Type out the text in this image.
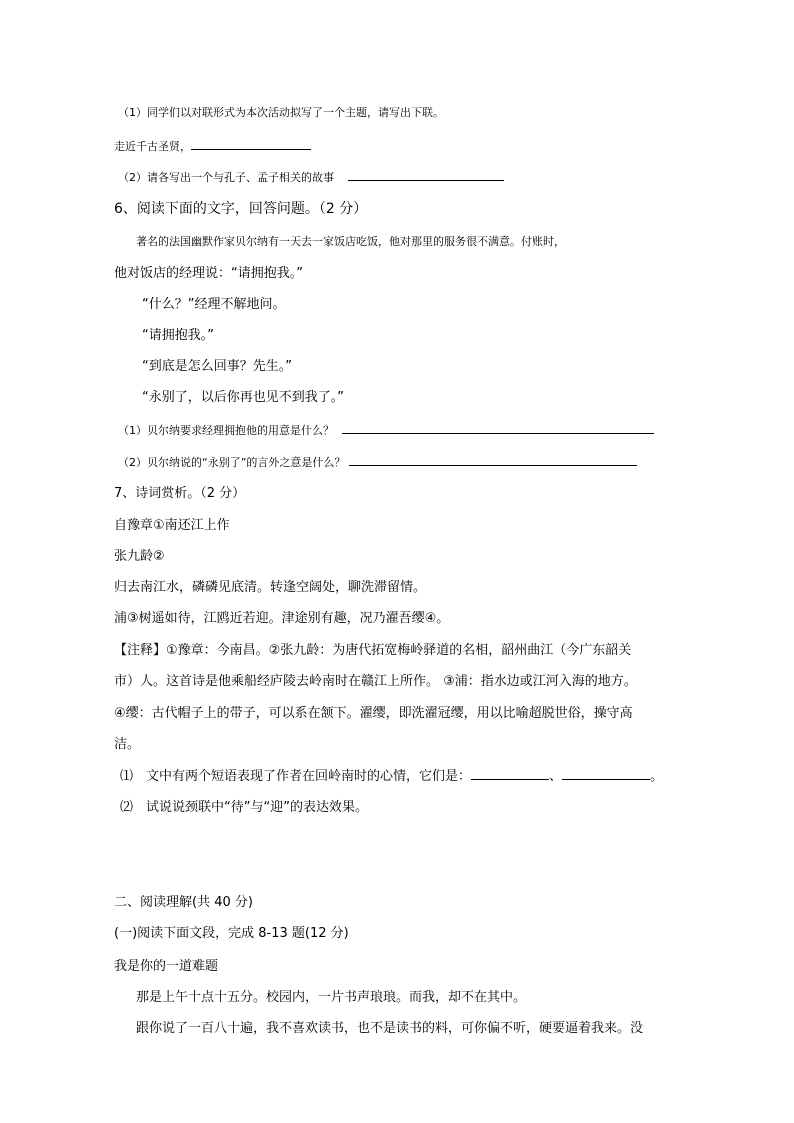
（1）同学们以对联形式为本次活动拟写了一个主题，请写出下联。
走近千古圣贤，
（2）请各写出一个与孔子、孟子相关的故事
6、阅读下面的文字，回答问题。（2 分）
著名的法国幽默作家贝尔纳有一天去一家饭店吃饭，他对那里的服务很不满意。付账时，
他对饭店的经理说：“请拥抱我。”
“什么？”经理不解地问。
“请拥抱我。”
“到底是怎么回事？先生。”
“永别了，以后你再也见不到我了。”
（1）贝尔纳要求经理拥抱他的用意是什么？
（2）贝尔纳说的“永别了”的言外之意是什么？
7、诗词赏析。（2 分）
自豫章①南还江上作
张九龄②
归去南江水，磷磷见底清。转逢空阔处，聊洗滞留情。
浦③树遥如待，江鸥近若迎。津途别有趣，况乃濯吾缨④。
【注释】①豫章：今南昌。②张九龄：为唐代拓宽梅岭驿道的名相，韶州曲江（今广东韶关
市）人。这首诗是他乘船经庐陵去岭南时在赣江上所作。 ③浦：指水边或江河入海的地方。
④缨：古代帽子上的带子，可以系在颔下。濯缨，即洗濯冠缨，用以比喻超脱世俗，操守高
洁。
⑴　文中有两个短语表现了作者在回岭南时的心情，它们是：	、	。
⑵　试说说颈联中“待”与“迎”的表达效果。
二、阅读理解(共 40 分)
(一)阅读下面文段，完成 8-13 题(12 分)
我是你的一道难题
那是上午十点十五分。校园内，一片书声琅琅。而我，却不在其中。
跟你说了一百八十遍，我不喜欢读书，也不是读书的料，可你偏不听，硬要逼着我来。没
